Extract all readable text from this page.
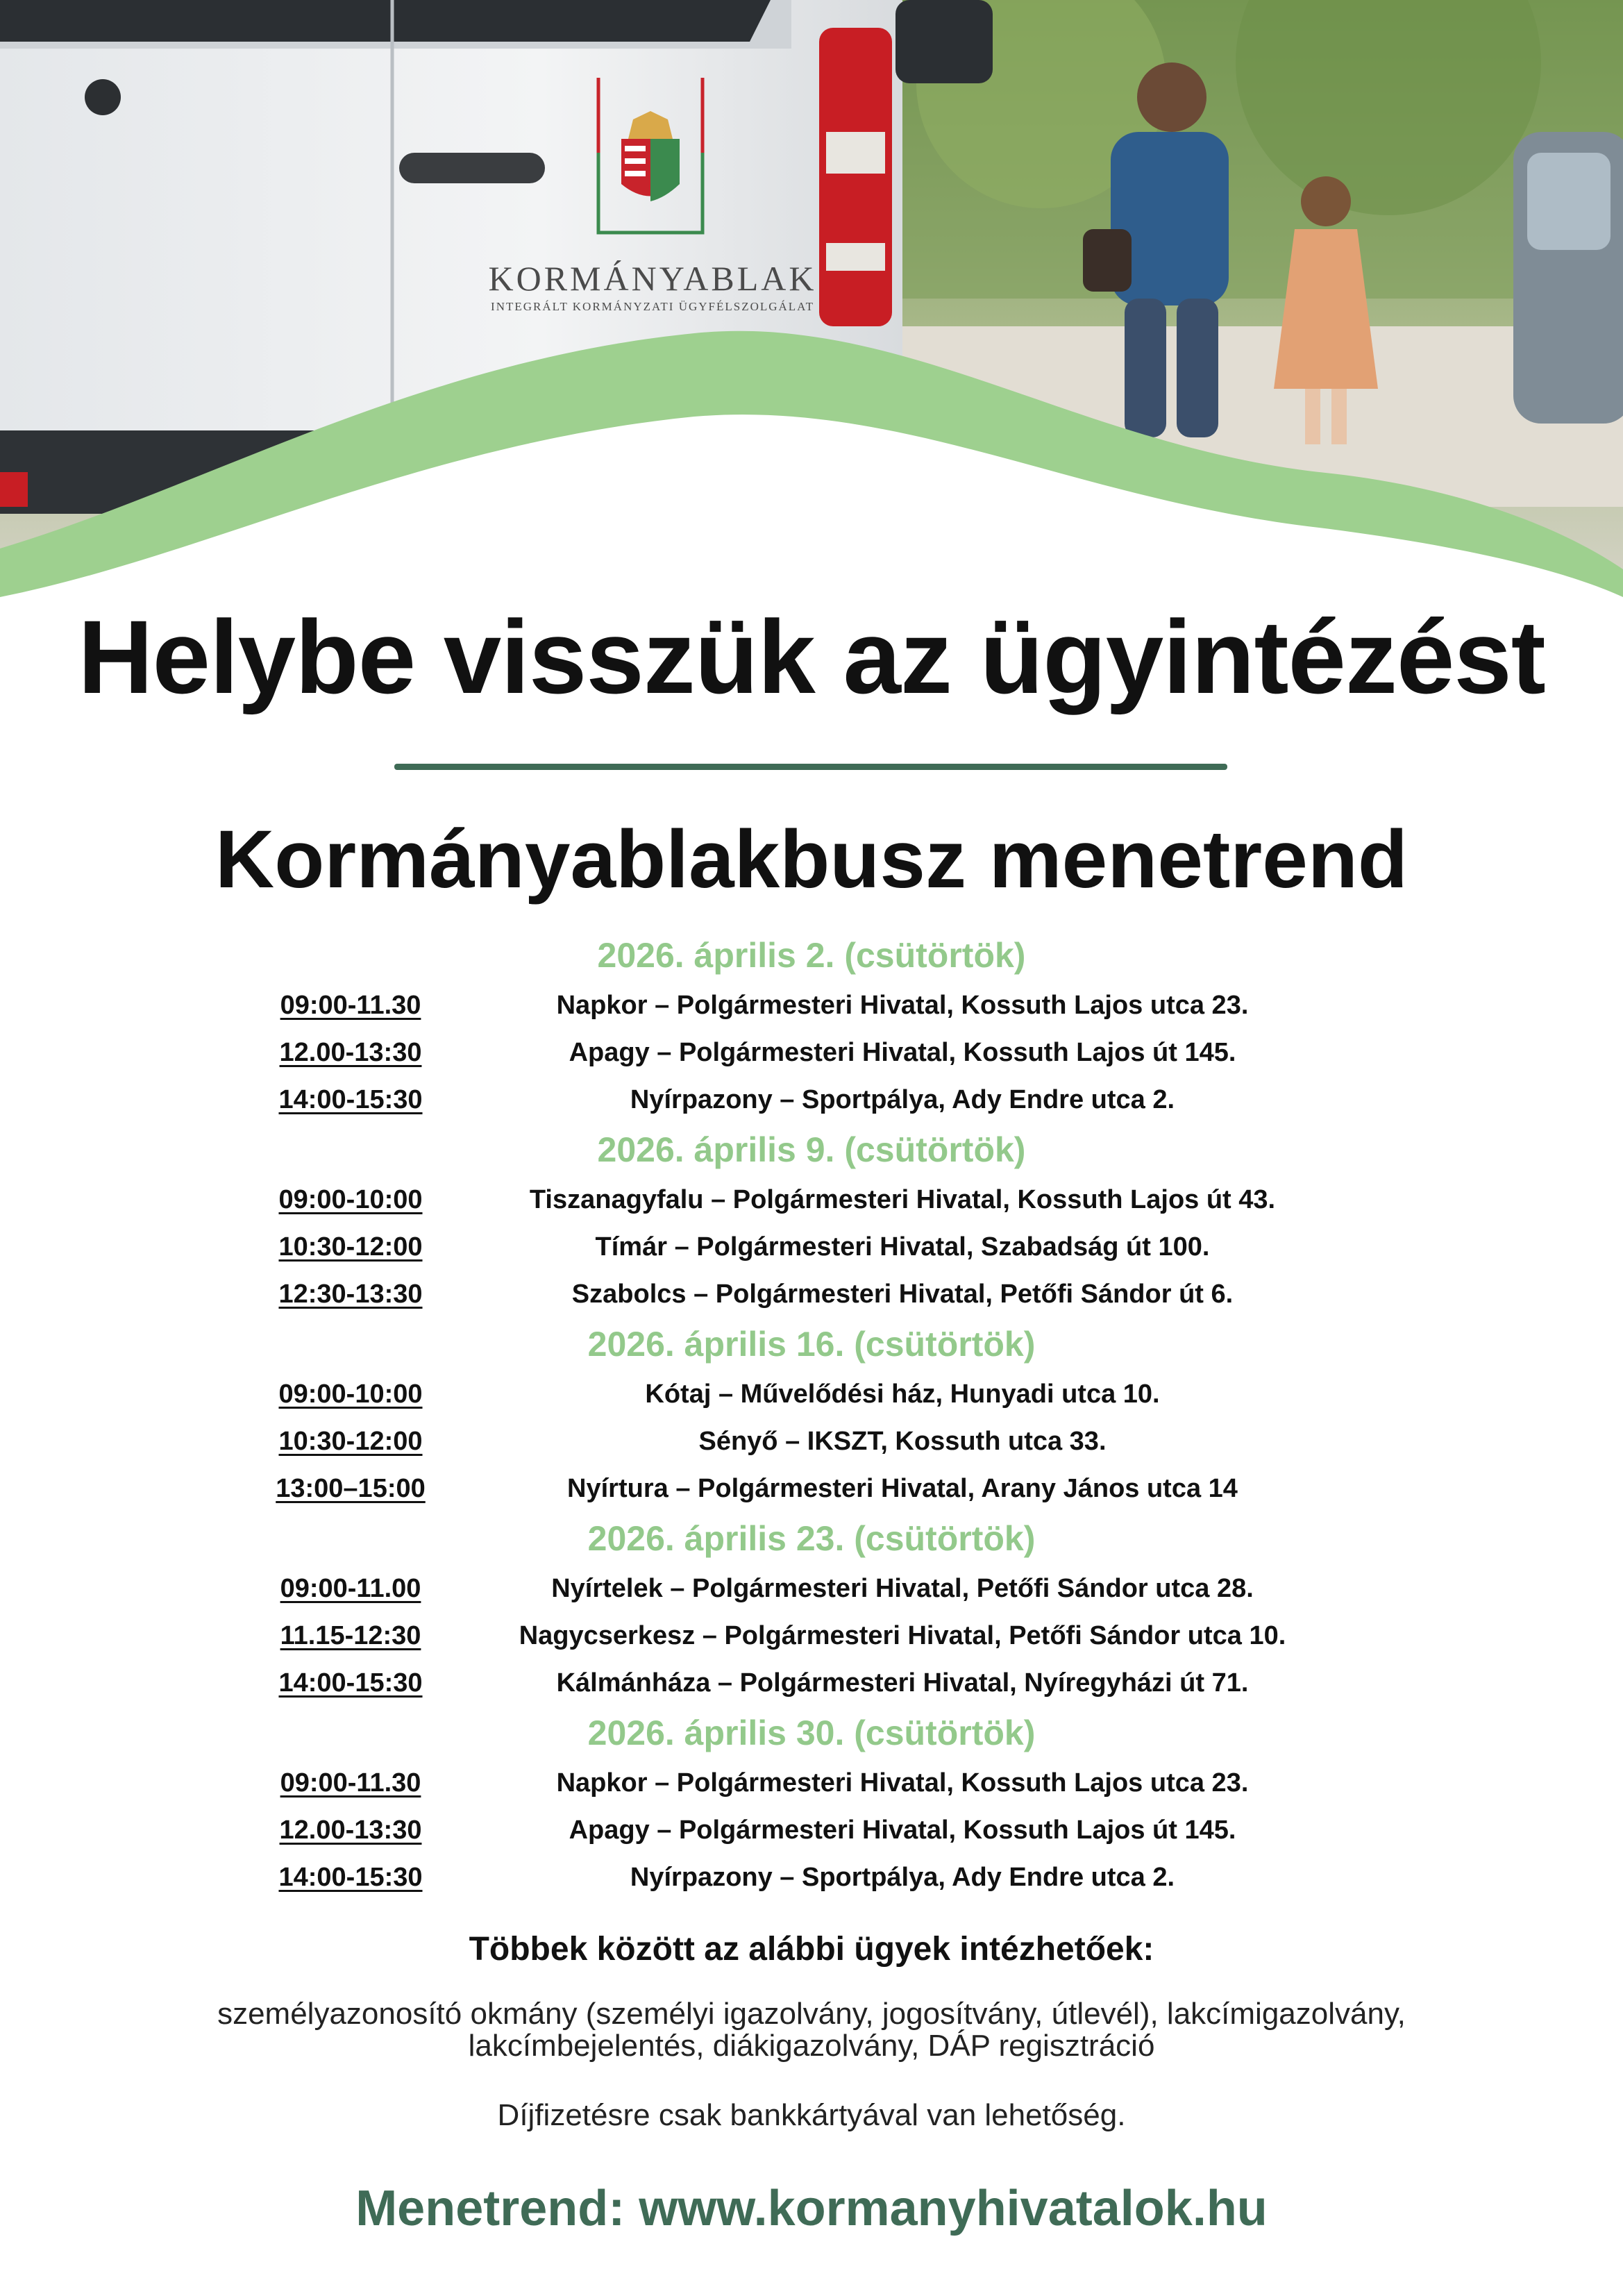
KORMÁNYABLAK
INTEGRÁLT KORMÁNYZATI ÜGYFÉLSZOLGÁLAT
Helybe visszük az ügyintézést
Kormányablakbusz menetrend
2026. április 2. (csütörtök)
09:00-11.30	Napkor – Polgármesteri Hivatal, Kossuth Lajos utca 23.
12.00-13:30	Apagy – Polgármesteri Hivatal, Kossuth Lajos út 145.
14:00-15:30	Nyírpazony – Sportpálya, Ady Endre utca 2.
2026. április 9. (csütörtök)
09:00-10:00	Tiszanagyfalu – Polgármesteri Hivatal, Kossuth Lajos út 43.
10:30-12:00	Tímár – Polgármesteri Hivatal, Szabadság út 100.
12:30-13:30	Szabolcs – Polgármesteri Hivatal, Petőfi Sándor út 6.
2026. április 16. (csütörtök)
09:00-10:00	Kótaj – Művelődési ház, Hunyadi utca 10.
10:30-12:00	Sényő – IKSZT, Kossuth utca 33.
13:00–15:00	Nyírtura – Polgármesteri Hivatal, Arany János utca 14
2026. április 23. (csütörtök)
09:00-11.00	Nyírtelek – Polgármesteri Hivatal, Petőfi Sándor utca 28.
11.15-12:30	Nagycserkesz – Polgármesteri Hivatal, Petőfi Sándor utca 10.
14:00-15:30	Kálmánháza – Polgármesteri Hivatal, Nyíregyházi út 71.
2026. április 30. (csütörtök)
09:00-11.30	Napkor – Polgármesteri Hivatal, Kossuth Lajos utca 23.
12.00-13:30	Apagy – Polgármesteri Hivatal, Kossuth Lajos út 145.
14:00-15:30	Nyírpazony – Sportpálya, Ady Endre utca 2.
Többek között az alábbi ügyek intézhetőek:
személyazonosító okmány (személyi igazolvány, jogosítvány, útlevél), lakcímigazolvány,
lakcímbejelentés, diákigazolvány, DÁP regisztráció
Díjfizetésre csak bankkártyával van lehetőség.
Menetrend: www.kormanyhivatalok.hu
